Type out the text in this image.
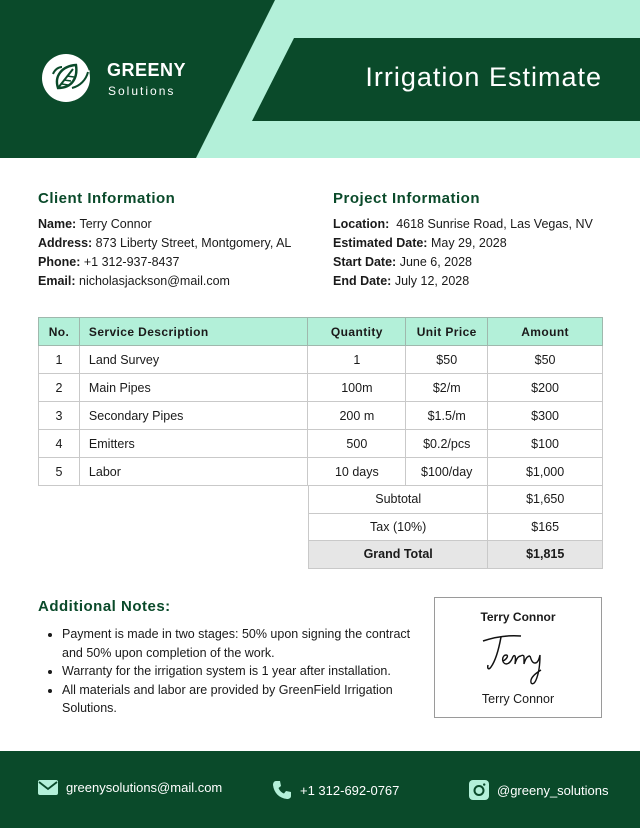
GREENY
Solutions	Irrigation Estimate
Client Information
Name: Terry Connor
Address: 873 Liberty Street, Montgomery, AL
Phone: +1 312-937-8437
Email: nicholasjackson@mail.com
Project Information
Location: 4618 Sunrise Road, Las Vegas, NV
Estimated Date: May 29, 2028
Start Date: June 6, 2028
End Date: July 12, 2028
No.	Service Description	Quantity	Unit Price	Amount
1	Land Survey	1	$50	$50
2	Main Pipes	100m	$2/m	$200
3	Secondary Pipes	200 m	$1.5/m	$300
4	Emitters	500	$0.2/pcs	$100
5	Labor	10 days	$100/day	$1,000
Subtotal	$1,650
Tax (10%)	$165
Grand Total	$1,815
Additional Notes:
• Payment is made in two stages: 50% upon signing the contract and 50% upon completion of the work.
• Warranty for the irrigation system is 1 year after installation.
• All materials and labor are provided by GreenField Irrigation Solutions.
Terry Connor
Terry Connor
greenysolutions@mail.com	+1 312-692-0767	@greeny_solutions
